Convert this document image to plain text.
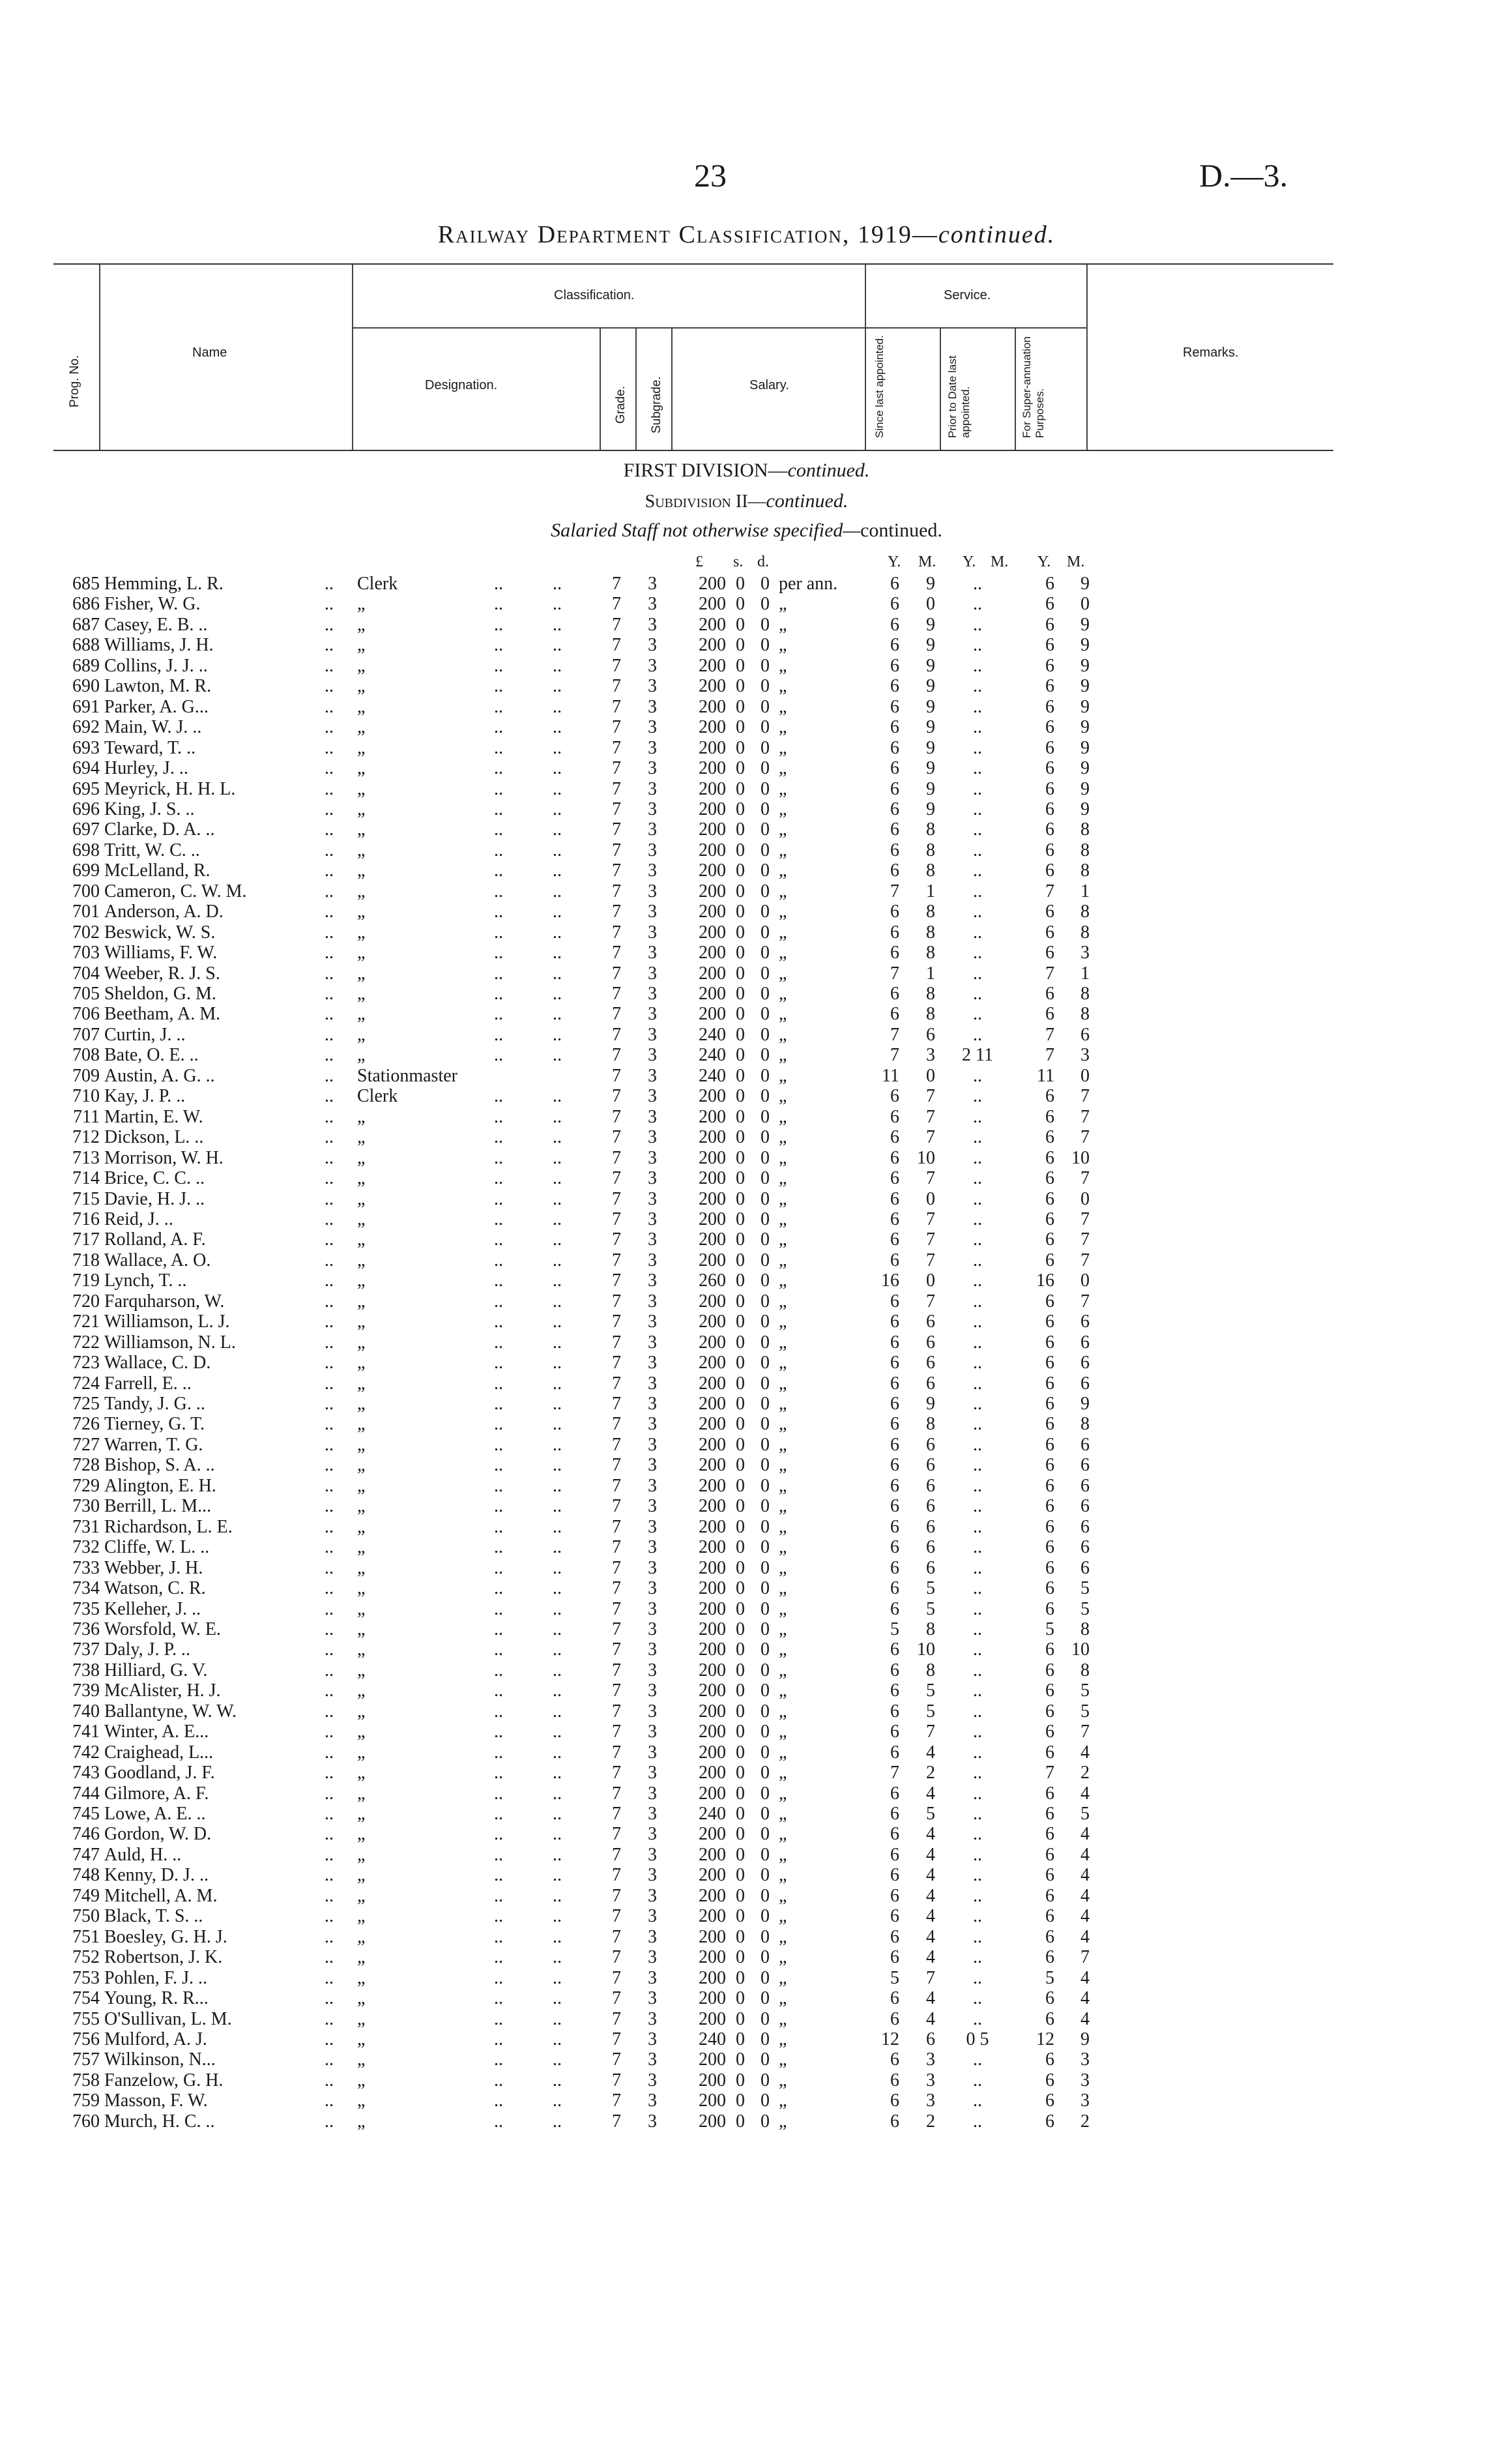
23	D.—3.
Railway Department Classification, 1919—continued.
Prog. No.
Name
Classification.	Service.
Designation.
Grade. Subgrade.	Salary.	Since last appointed.	Prior to Date last appointed.	For Super-annuation Purposes.
Remarks.
FIRST DIVISION—continued.
Subdivision II—continued.
Salaried Staff not otherwise specified—continued.
£ s. d.	Y. M. Y. M. Y. M.
685 Hemming, L. R.	.. Clerk	..	..	7 3	200 0 0 per ann.	6	9	..	6	9
686 Fisher, W. G.	.. „	..	..	7 3	200 0 0 „	6	0	..	6	0
687 Casey, E. B. ..	.. „	..	..	7 3	200 0 0 „	6	9	..	6	9
688 Williams, J. H.	.. „	..	..	7 3	200 0 0 „	6	9	..	6	9
689 Collins, J. J. ..	.. „	..	..	7 3	200 0 0 „	6	9	..	6	9
690 Lawton, M. R.	.. „	..	..	7 3	200 0 0 „	6	9	..	6	9
691 Parker, A. G...	.. „	..	..	7 3	200 0 0 „	6	9	..	6	9
692 Main, W. J. ..	.. „	..	..	7 3	200 0 0 „	6	9	..	6	9
693 Teward, T. ..	.. „	..	..	7 3	200 0 0 „	6	9	..	6	9
694 Hurley, J. ..	.. „	..	..	7 3	200 0 0 „	6	9	..	6	9
695 Meyrick, H. H. L.	.. „	..	..	7 3	200 0 0 „	6	9	..	6	9
696 King, J. S. ..	.. „	..	..	7 3	200 0 0 „	6	9	..	6	9
697 Clarke, D. A. ..	.. „	..	..	7 3	200 0 0 „	6	8	..	6	8
698 Tritt, W. C. ..	.. „	..	..	7 3	200 0 0 „	6	8	..	6	8
699 McLelland, R.	.. „	..	..	7 3	200 0 0 „	6	8	..	6	8
700 Cameron, C. W. M.	.. „	..	..	7 3	200 0 0 „	7	1	..	7	1
701 Anderson, A. D.	.. „	..	..	7 3	200 0 0 „	6	8	..	6	8
702 Beswick, W. S.	.. „	..	..	7 3	200 0 0 „	6	8	..	6	8
703 Williams, F. W.	.. „	..	..	7 3	200 0 0 „	6	8	..	6	3
704 Weeber, R. J. S.	.. „	..	..	7 3	200 0 0 „	7	1	..	7	1
705 Sheldon, G. M.	.. „	..	..	7 3	200 0 0 „	6	8	..	6	8
706 Beetham, A. M.	.. „	..	..	7 3	200 0 0 „	6	8	..	6	8
707 Curtin, J. ..	.. „	..	..	7 3	240 0 0 „	7	6	..	7	6
708 Bate, O. E. ..	.. „	..	..	7 3	240 0 0 „	7	3	2 11	7	3
709 Austin, A. G. ..	.. Stationmaster	7 3	240 0 0 „	11	0	..	11	0
710 Kay, J. P. ..	.. Clerk	..	..	7 3	200 0 0 „	6	7	..	6	7
711 Martin, E. W.	.. „	..	..	7 3	200 0 0 „	6	7	..	6	7
712 Dickson, L. ..	.. „	..	..	7 3	200 0 0 „	6	7	..	6	7
713 Morrison, W. H.	.. „	..	..	7 3	200 0 0 „	6 10	..	6 10
714 Brice, C. C. ..	.. „	..	..	7 3	200 0 0 „	6	7	..	6	7
715 Davie, H. J. ..	.. „	..	..	7 3	200 0 0 „	6	0	..	6	0
716 Reid, J. ..	.. „	..	..	7 3	200 0 0 „	6	7	..	6	7
717 Rolland, A. F.	.. „	..	..	7 3	200 0 0 „	6	7	..	6	7
718 Wallace, A. O.	.. „	..	..	7 3	200 0 0 „	6	7	..	6	7
719 Lynch, T. ..	.. „	..	..	7 3	260 0 0 „	16	0	..	16	0
720 Farquharson, W.	.. „	..	..	7 3	200 0 0 „	6	7	..	6	7
721 Williamson, L. J.	.. „	..	..	7 3	200 0 0 „	6	6	..	6	6
722 Williamson, N. L.	.. „	..	..	7 3	200 0 0 „	6	6	..	6	6
723 Wallace, C. D.	.. „	..	..	7 3	200 0 0 „	6	6	..	6	6
724 Farrell, E. ..	.. „	..	..	7 3	200 0 0 „	6	6	..	6	6
725 Tandy, J. G. ..	.. „	..	..	7 3	200 0 0 „	6	9	..	6	9
726 Tierney, G. T.	.. „	..	..	7 3	200 0 0 „	6	8	..	6	8
727 Warren, T. G.	.. „	..	..	7 3	200 0 0 „	6	6	..	6	6
728 Bishop, S. A. ..	.. „	..	..	7 3	200 0 0 „	6	6	..	6	6
729 Alington, E. H.	.. „	..	..	7 3	200 0 0 „	6	6	..	6	6
730 Berrill, L. M...	.. „	..	..	7 3	200 0 0 „	6	6	..	6	6
731 Richardson, L. E.	.. „	..	..	7 3	200 0 0 „	6	6	..	6	6
732 Cliffe, W. L. ..	.. „	..	..	7 3	200 0 0 „	6	6	..	6	6
733 Webber, J. H.	.. „	..	..	7 3	200 0 0 „	6	6	..	6	6
734 Watson, C. R.	.. „	..	..	7 3	200 0 0 „	6	5	..	6	5
735 Kelleher, J. ..	.. „	..	..	7 3	200 0 0 „	6	5	..	6	5
736 Worsfold, W. E.	.. „	..	..	7 3	200 0 0 „	5	8	..	5	8
737 Daly, J. P. ..	.. „	..	..	7 3	200 0 0 „	6 10	..	6 10
738 Hilliard, G. V.	.. „	..	..	7 3	200 0 0 „	6	8	..	6	8
739 McAlister, H. J.	.. „	..	..	7 3	200 0 0 „	6	5	..	6	5
740 Ballantyne, W. W.	.. „	..	..	7 3	200 0 0 „	6	5	..	6	5
741 Winter, A. E...	.. „	..	..	7 3	200 0 0 „	6	7	..	6	7
742 Craighead, L...	.. „	..	..	7 3	200 0 0 „	6	4	..	6	4
743 Goodland, J. F.	.. „	..	..	7 3	200 0 0 „	7	2	..	7	2
744 Gilmore, A. F.	.. „	..	..	7 3	200 0 0 „	6	4	..	6	4
745 Lowe, A. E. ..	.. „	..	..	7 3	240 0 0 „	6	5	..	6	5
746 Gordon, W. D.	.. „	..	..	7 3	200 0 0 „	6	4	..	6	4
747 Auld, H. ..	.. „	..	..	7 3	200 0 0 „	6	4	..	6	4
748 Kenny, D. J. ..	.. „	..	..	7 3	200 0 0 „	6	4	..	6	4
749 Mitchell, A. M.	.. „	..	..	7 3	200 0 0 „	6	4	..	6	4
750 Black, T. S. ..	.. „	..	..	7 3	200 0 0 „	6	4	..	6	4
751 Boesley, G. H. J.	.. „	..	..	7 3	200 0 0 „	6	4	..	6	4
752 Robertson, J. K.	.. „	..	..	7 3	200 0 0 „	6	4	..	6	7
753 Pohlen, F. J. ..	.. „	..	..	7 3	200 0 0 „	5	7	..	5	4
754 Young, R. R...	.. „	..	..	7 3	200 0 0 „	6	4	..	6	4
755 O'Sullivan, L. M.	.. „	..	..	7 3	200 0 0 „	6	4	..	6	4
756 Mulford, A. J.	.. „	..	..	7 3	240 0 0 „	12	6	0 5	12	9
757 Wilkinson, N...	.. „	..	..	7 3	200 0 0 „	6	3	..	6	3
758 Fanzelow, G. H.	.. „	..	..	7 3	200 0 0 „	6	3	..	6	3
759 Masson, F. W.	.. „	..	..	7 3	200 0 0 „	6	3	..	6	3
760 Murch, H. C. ..	.. „	..	..	7 3	200 0 0 „	6	2	..	6	2
